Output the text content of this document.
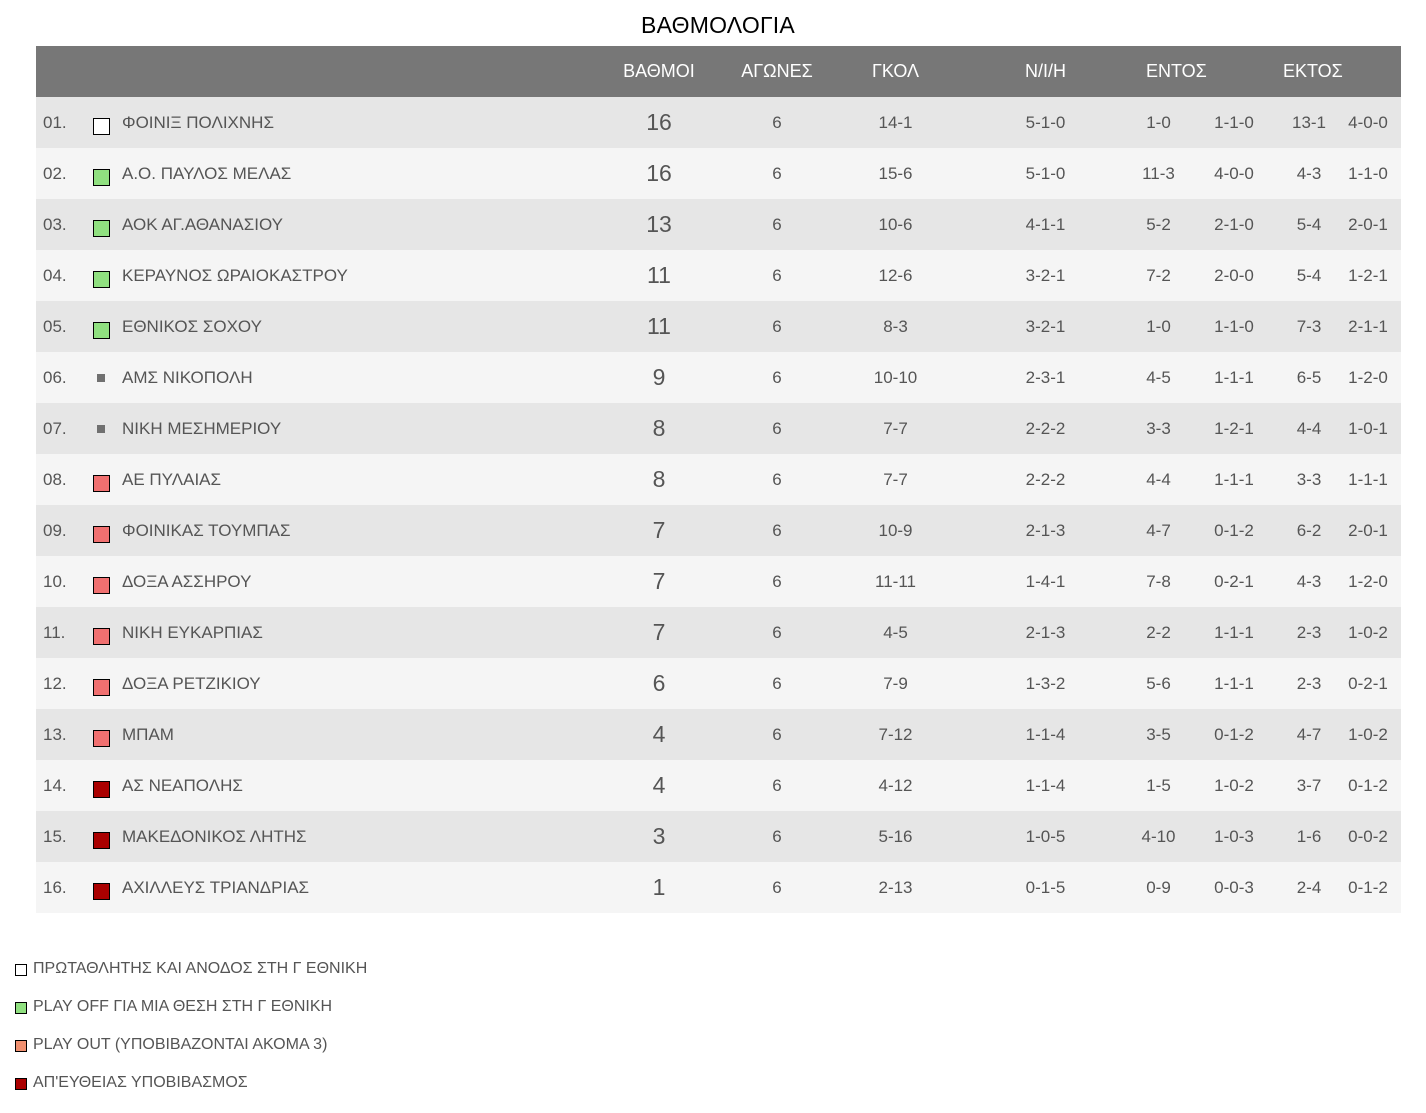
ΒΑΘΜΟΛΟΓΙΑ
			ΒΑΘΜΟΙ	ΑΓΩΝΕΣ	ΓΚΟΛ	Ν/Ι/Η	ΕΝΤΟΣ		ΕΚΤΟΣ	
01.		ΦΟΙΝΙΞ ΠΟΛΙΧΝΗΣ	16	6	14-1	5-1-0	1-0	1-1-0	13-1	4-0-0
02.		Α.Ο. ΠΑΥΛΟΣ ΜΕΛΑΣ	16	6	15-6	5-1-0	11-3	4-0-0	4-3	1-1-0
03.		ΑΟΚ ΑΓ.ΑΘΑΝΑΣΙΟΥ	13	6	10-6	4-1-1	5-2	2-1-0	5-4	2-0-1
04.		ΚΕΡΑΥΝΟΣ ΩΡΑΙΟΚΑΣΤΡΟΥ	11	6	12-6	3-2-1	7-2	2-0-0	5-4	1-2-1
05.		ΕΘΝΙΚΟΣ ΣΟΧΟΥ	11	6	8-3	3-2-1	1-0	1-1-0	7-3	2-1-1
06.		ΑΜΣ ΝΙΚΟΠΟΛΗ	9	6	10-10	2-3-1	4-5	1-1-1	6-5	1-2-0
07.		ΝΙΚΗ ΜΕΣΗΜΕΡΙΟΥ	8	6	7-7	2-2-2	3-3	1-2-1	4-4	1-0-1
08.		ΑΕ ΠΥΛΑΙΑΣ	8	6	7-7	2-2-2	4-4	1-1-1	3-3	1-1-1
09.		ΦΟΙΝΙΚΑΣ ΤΟΥΜΠΑΣ	7	6	10-9	2-1-3	4-7	0-1-2	6-2	2-0-1
10.		ΔΟΞΑ ΑΣΣΗΡΟΥ	7	6	11-11	1-4-1	7-8	0-2-1	4-3	1-2-0
11.		ΝΙΚΗ ΕΥΚΑΡΠΙΑΣ	7	6	4-5	2-1-3	2-2	1-1-1	2-3	1-0-2
12.		ΔΟΞΑ ΡΕΤΖΙΚΙΟΥ	6	6	7-9	1-3-2	5-6	1-1-1	2-3	0-2-1
13.		ΜΠΑΜ	4	6	7-12	1-1-4	3-5	0-1-2	4-7	1-0-2
14.		ΑΣ ΝΕΑΠΟΛΗΣ	4	6	4-12	1-1-4	1-5	1-0-2	3-7	0-1-2
15.		ΜΑΚΕΔΟΝΙΚΟΣ ΛΗΤΗΣ	3	6	5-16	1-0-5	4-10	1-0-3	1-6	0-0-2
16.		ΑΧΙΛΛΕΥΣ ΤΡΙΑΝΔΡΙΑΣ	1	6	2-13	0-1-5	0-9	0-0-3	2-4	0-1-2
ΠΡΩΤΑΘΛΗΤΗΣ ΚΑΙ ΑΝΟΔΟΣ ΣΤΗ Γ ΕΘΝΙΚΗ
PLAY OFF ΓΙΑ ΜΙΑ ΘΕΣΗ ΣΤΗ Γ ΕΘΝΙΚΗ
PLAY OUT (ΥΠΟΒΙΒΑΖΟΝΤΑΙ ΑΚΟΜΑ 3)
ΑΠ'ΕΥΘΕΙΑΣ ΥΠΟΒΙΒΑΣΜΟΣ
